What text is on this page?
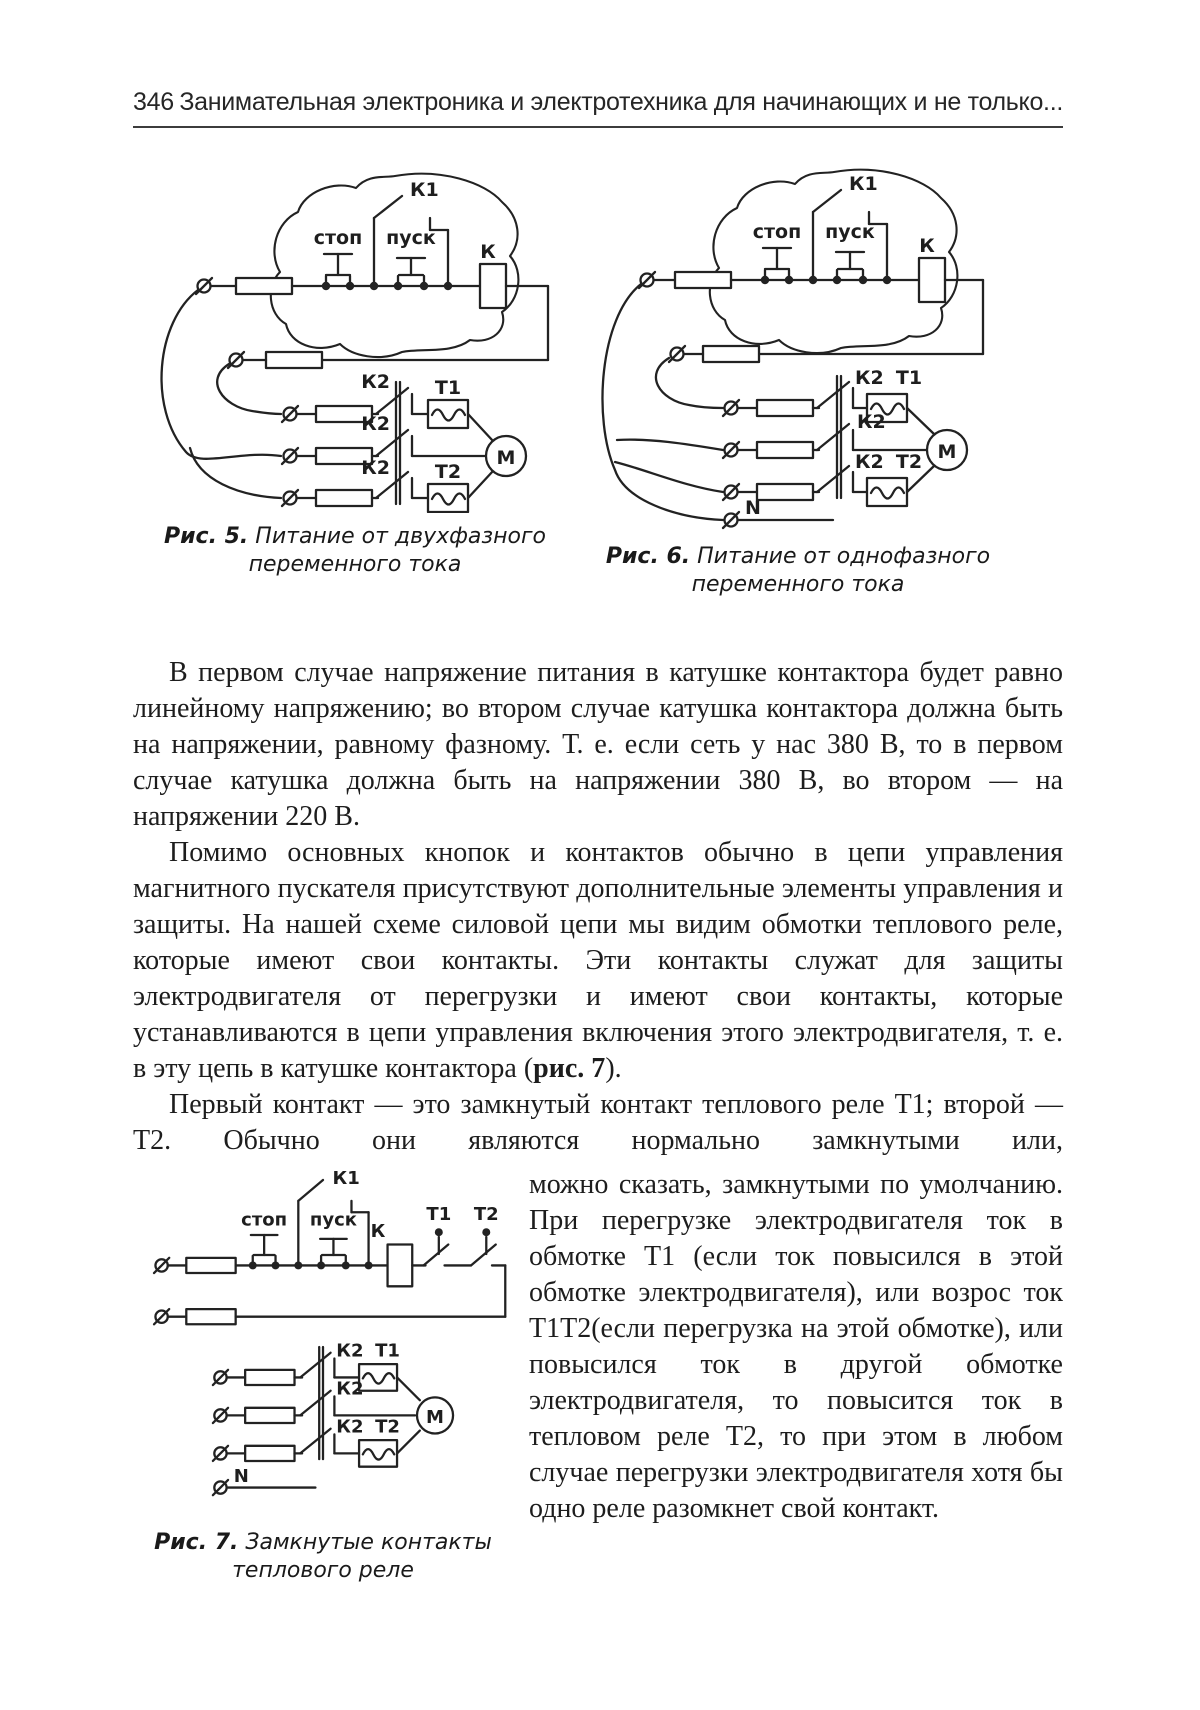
346 Занимательная электроника и электротехника для начинающих и не только...
К1
стоп пуск
К
К2
К2
К2
Т1
Т2
М
Рис. 5. Питание от двухфазного
переменного тока
К1
стоп пуск
К
К2 Т1
К2
К2 Т2 М
N
Рис. 6. Питание от однофазного
переменного тока

В первом случае напряжение питания в катушке контактора будет равно линейному напряжению; во втором случае катушка контактора должна быть на напряжении, равному фазному. Т. е. если сеть у нас 380 В, то в первом случае катушка должна быть на напряжении 380 В, во втором — на напряжении 220 В.

Помимо основных кнопок и контактов обычно в цепи управления магнитного пускателя присутствуют дополнительные элементы управления и защиты. На нашей схеме силовой цепи мы видим обмотки теплового реле, которые имеют свои контакты. Эти контакты служат для защиты электродвигателя от перегрузки и имеют свои контакты, которые устанавливаются в цепи управления включения этого электродвигателя, т. е. в эту цепь в катушке контактора (рис. 7).

Первый контакт — это замкнутый контакт теплового реле Т1; второй — Т2. Обычно они являются нормально замкнутыми или,

К1
стоп пуск
К
Т1 Т2
К2 Т1
К2
К2 Т2 М
N
Рис. 7. Замкнутые контакты
теплового реле
можно сказать, замкнутыми по умолчанию. При перегрузке электродвигателя ток в обмотке Т1 (если ток повысился в этой обмотке электродвигателя), или возрос ток Т1Т2(если перегрузка на этой обмотке), или повысился ток в другой обмотке электродвигателя, то повысится ток в тепловом реле Т2, то при этом в любом случае перегрузки электродвигателя хотя бы одно реле разомкнет свой контакт.
